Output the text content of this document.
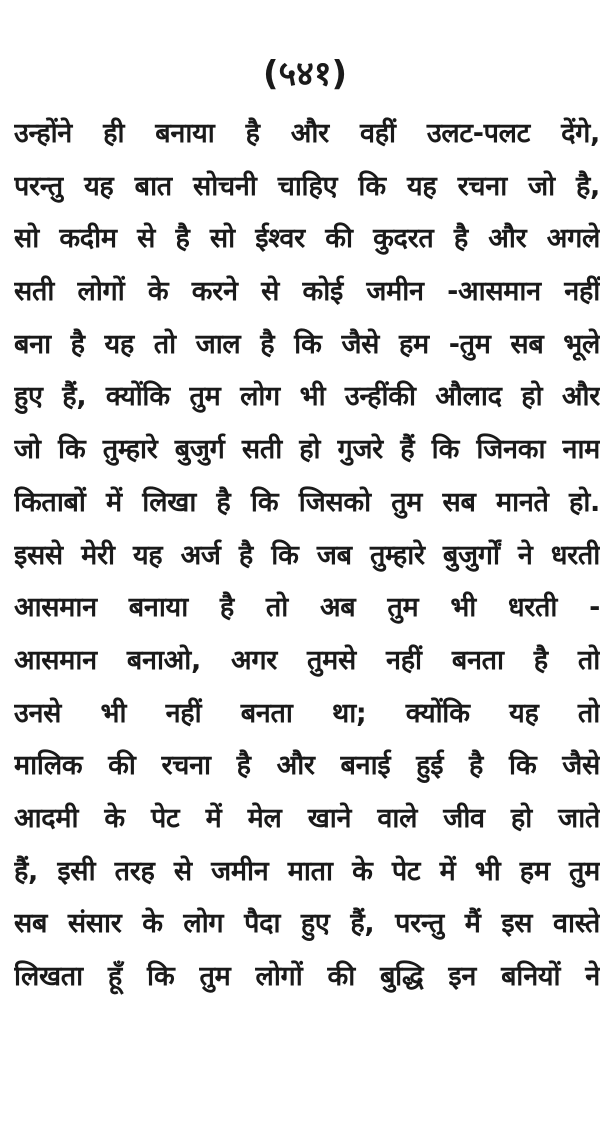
(५४१)
उन्होंने ही बनाया है और वहीं उलट-पलट देंगे,
परन्तु यह बात सोचनी चाहिए कि यह रचना जो है,
सो कदीम से है सो ईश्वर की कुदरत है और अगले
सती लोगों के करने से कोई जमीन -आसमान नहीं
बना है यह तो जाल है कि जैसे हम -तुम सब भूले
हुए हैं, क्योंकि तुम लोग भी उन्हींकी औलाद हो और
जो कि तुम्हारे बुजुर्ग सती हो गुजरे हैं कि जिनका नाम
किताबों में लिखा है कि जिसको तुम सब मानते हो.
इससे मेरी यह अर्ज है कि जब तुम्हारे बुजुर्गों ने धरती
आसमान बनाया है तो अब तुम भी धरती -
आसमान बनाओ, अगर तुमसे नहीं बनता है तो
उनसे भी नहीं बनता था; क्योंकि यह तो
मालिक की रचना है और बनाई हुई है कि जैसे
आदमी के पेट में मेल खाने वाले जीव हो जाते
हैं, इसी तरह से जमीन माता के पेट में भी हम तुम
सब संसार के लोग पैदा हुए हैं, परन्तु मैं इस वास्ते
लिखता हूँ कि तुम लोगों की बुद्धि इन बनियों ने
